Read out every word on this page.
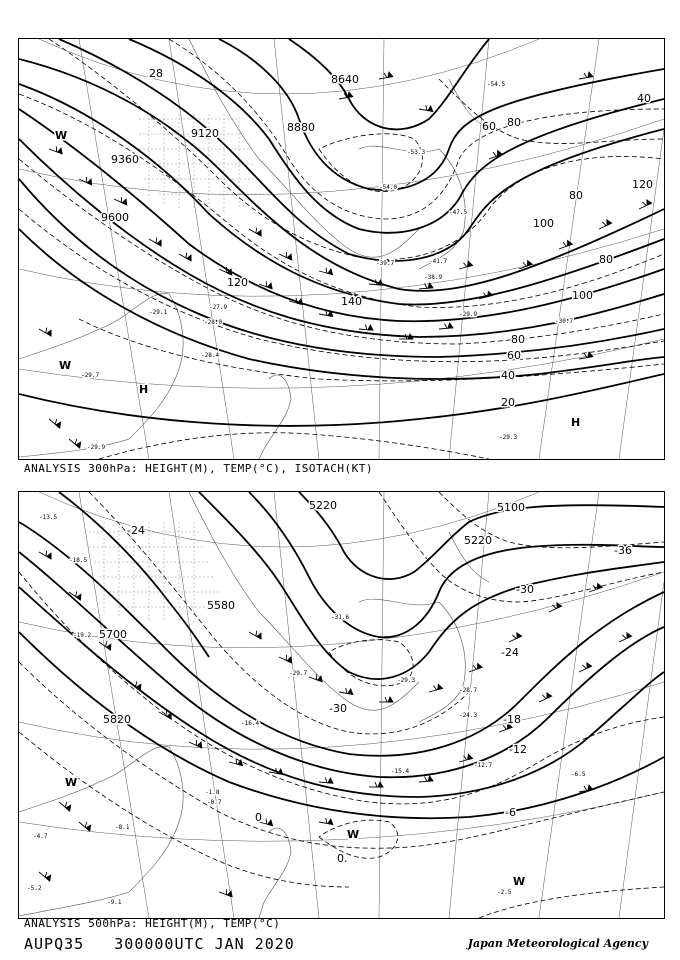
9360
9600
9120	8880
8640
120
140
120
100
100
80
80
80
60
40
20
40
60 80
28
-54.5
-53.3
-54.0
-47.5
-41.7
-39.7
-38.9
-27.9
-29.1
-28.0
-28.4
-29.9
-30.7
-29.7
-29.3
-29.9
H
H
W
W
ANALYSIS 300hPa: HEIGHT(M), TEMP(°C), ISOTACH(KT)
5700
5820
5580
5220
5100
5220
-24
-30
-30
-24
-18
-12
-6
-36
0
0.
-13.5
-18.5
-19.2
-31.6
-29.7
-29.3
-28.7
-24.3
-16.4
-15.4
-12.7
-6.5
-2.5
-1.8
-0.7
-8.1
-4.7
-5.2
-9.1
W
W
W
ANALYSIS 500hPa: HEIGHT(M), TEMP(°C)
AUPQ35   300000UTC JAN 2020	Japan Meteorological Agency
